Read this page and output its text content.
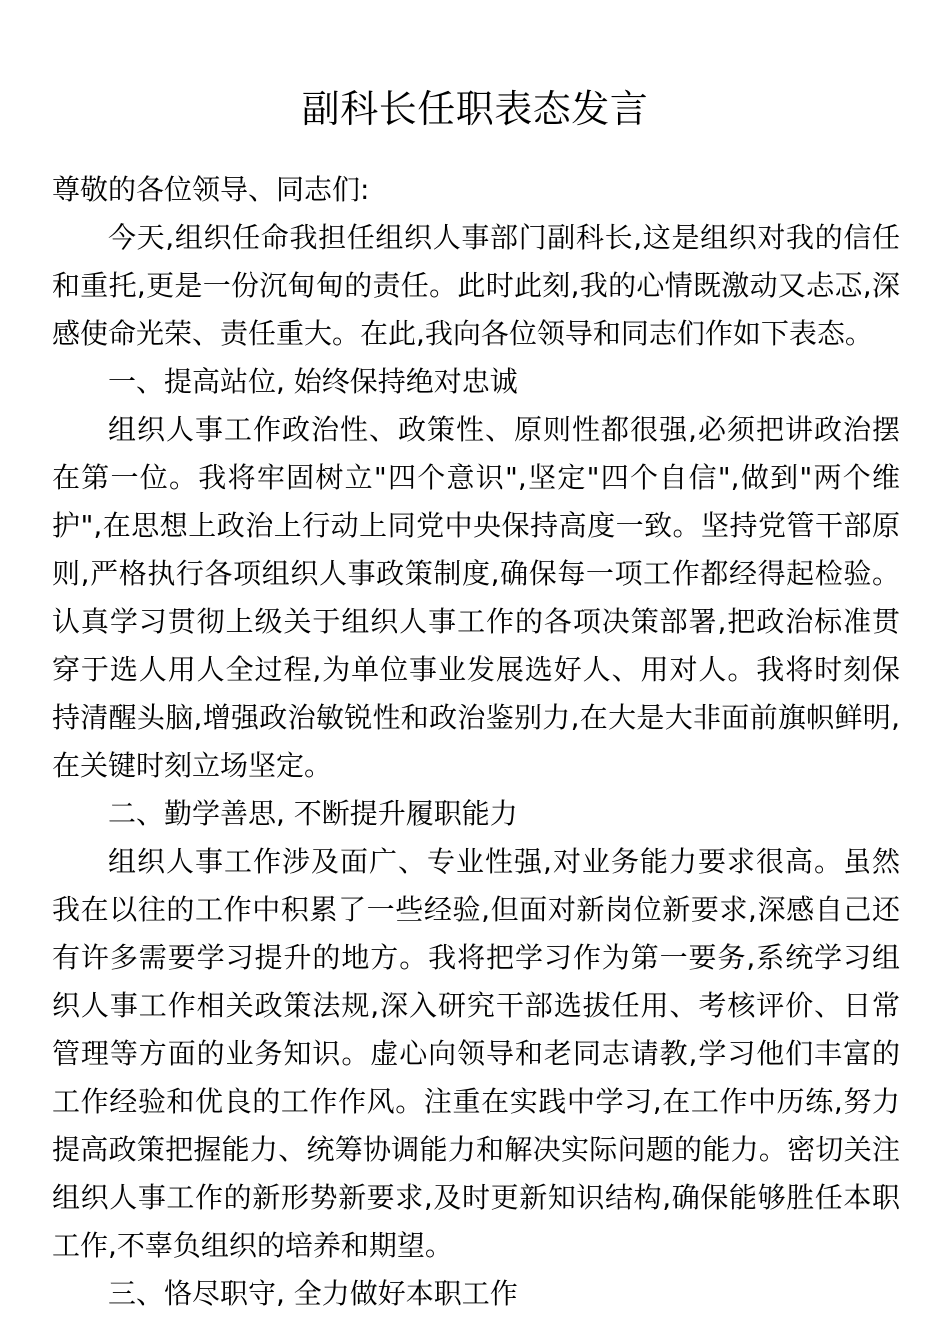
副科长任职表态发言

尊敬的各位领导、同志们:

今天,组织任命我担任组织人事部门副科长,这是组织对我的信任和重托,更是一份沉甸甸的责任。此时此刻,我的心情既激动又忐忑,深感使命光荣、责任重大。在此,我向各位领导和同志们作如下表态。

一、提高站位, 始终保持绝对忠诚

组织人事工作政治性、政策性、原则性都很强,必须把讲政治摆在第一位。我将牢固树立"四个意识",坚定"四个自信",做到"两个维护",在思想上政治上行动上同党中央保持高度一致。坚持党管干部原则,严格执行各项组织人事政策制度,确保每一项工作都经得起检验。认真学习贯彻上级关于组织人事工作的各项决策部署,把政治标准贯穿于选人用人全过程,为单位事业发展选好人、用对人。我将时刻保持清醒头脑,增强政治敏锐性和政治鉴别力,在大是大非面前旗帜鲜明,在关键时刻立场坚定。

二、勤学善思, 不断提升履职能力

组织人事工作涉及面广、专业性强,对业务能力要求很高。虽然我在以往的工作中积累了一些经验,但面对新岗位新要求,深感自己还有许多需要学习提升的地方。我将把学习作为第一要务,系统学习组织人事工作相关政策法规,深入研究干部选拔任用、考核评价、日常管理等方面的业务知识。虚心向领导和老同志请教,学习他们丰富的工作经验和优良的工作作风。注重在实践中学习,在工作中历练,努力提高政策把握能力、统筹协调能力和解决实际问题的能力。密切关注组织人事工作的新形势新要求,及时更新知识结构,确保能够胜任本职工作,不辜负组织的培养和期望。

三、恪尽职守, 全力做好本职工作
